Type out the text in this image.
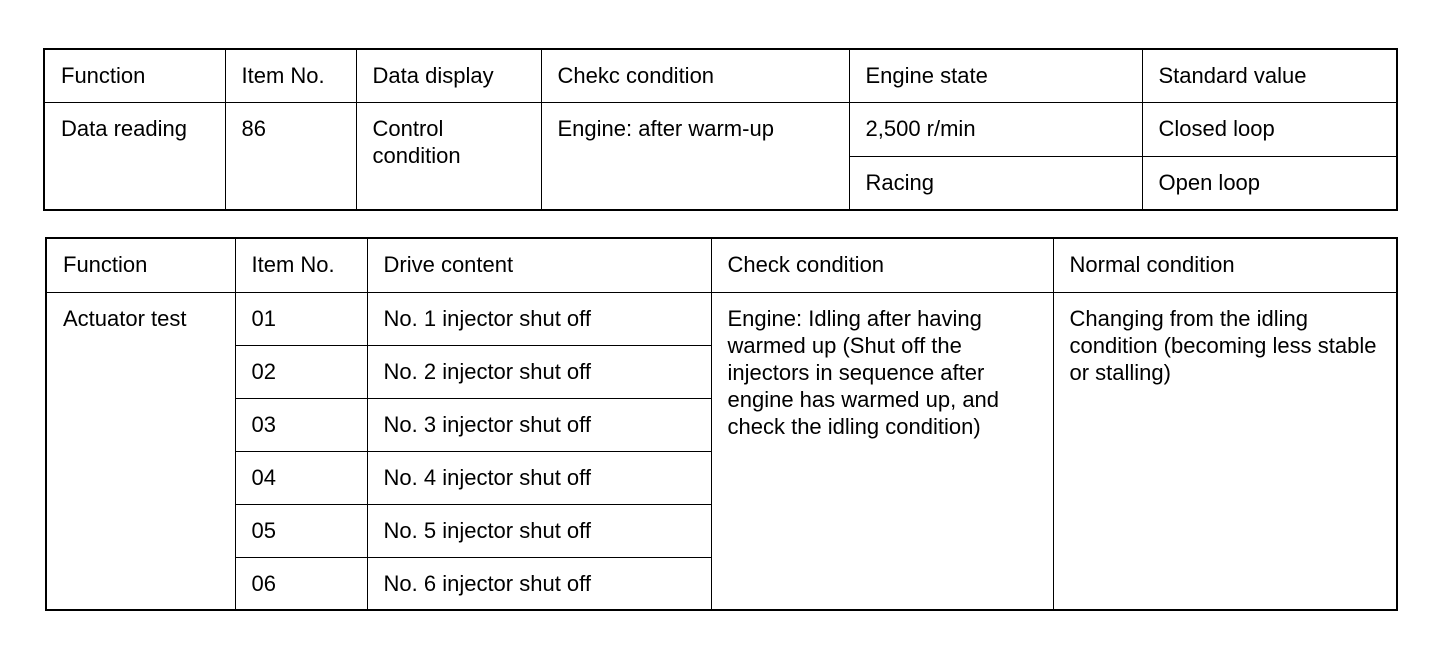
Function	Item No.	Data display	Chekc condition	Engine state	Standard value
Data reading	86	Control condition	Engine: after warm-up	2,500 r/min	Closed loop
				Racing	Open loop
Function	Item No.	Drive content	Check condition	Normal condition
Actuator test	01	No. 1 injector shut off	Engine: Idling after having warmed up (Shut off the injectors in sequence after engine has warmed up, and check the idling condition)	Changing from the idling condition (becoming less stable or stalling)
	02	No. 2 injector shut off		
	03	No. 3 injector shut off		
	04	No. 4 injector shut off		
	05	No. 5 injector shut off		
	06	No. 6 injector shut off		
